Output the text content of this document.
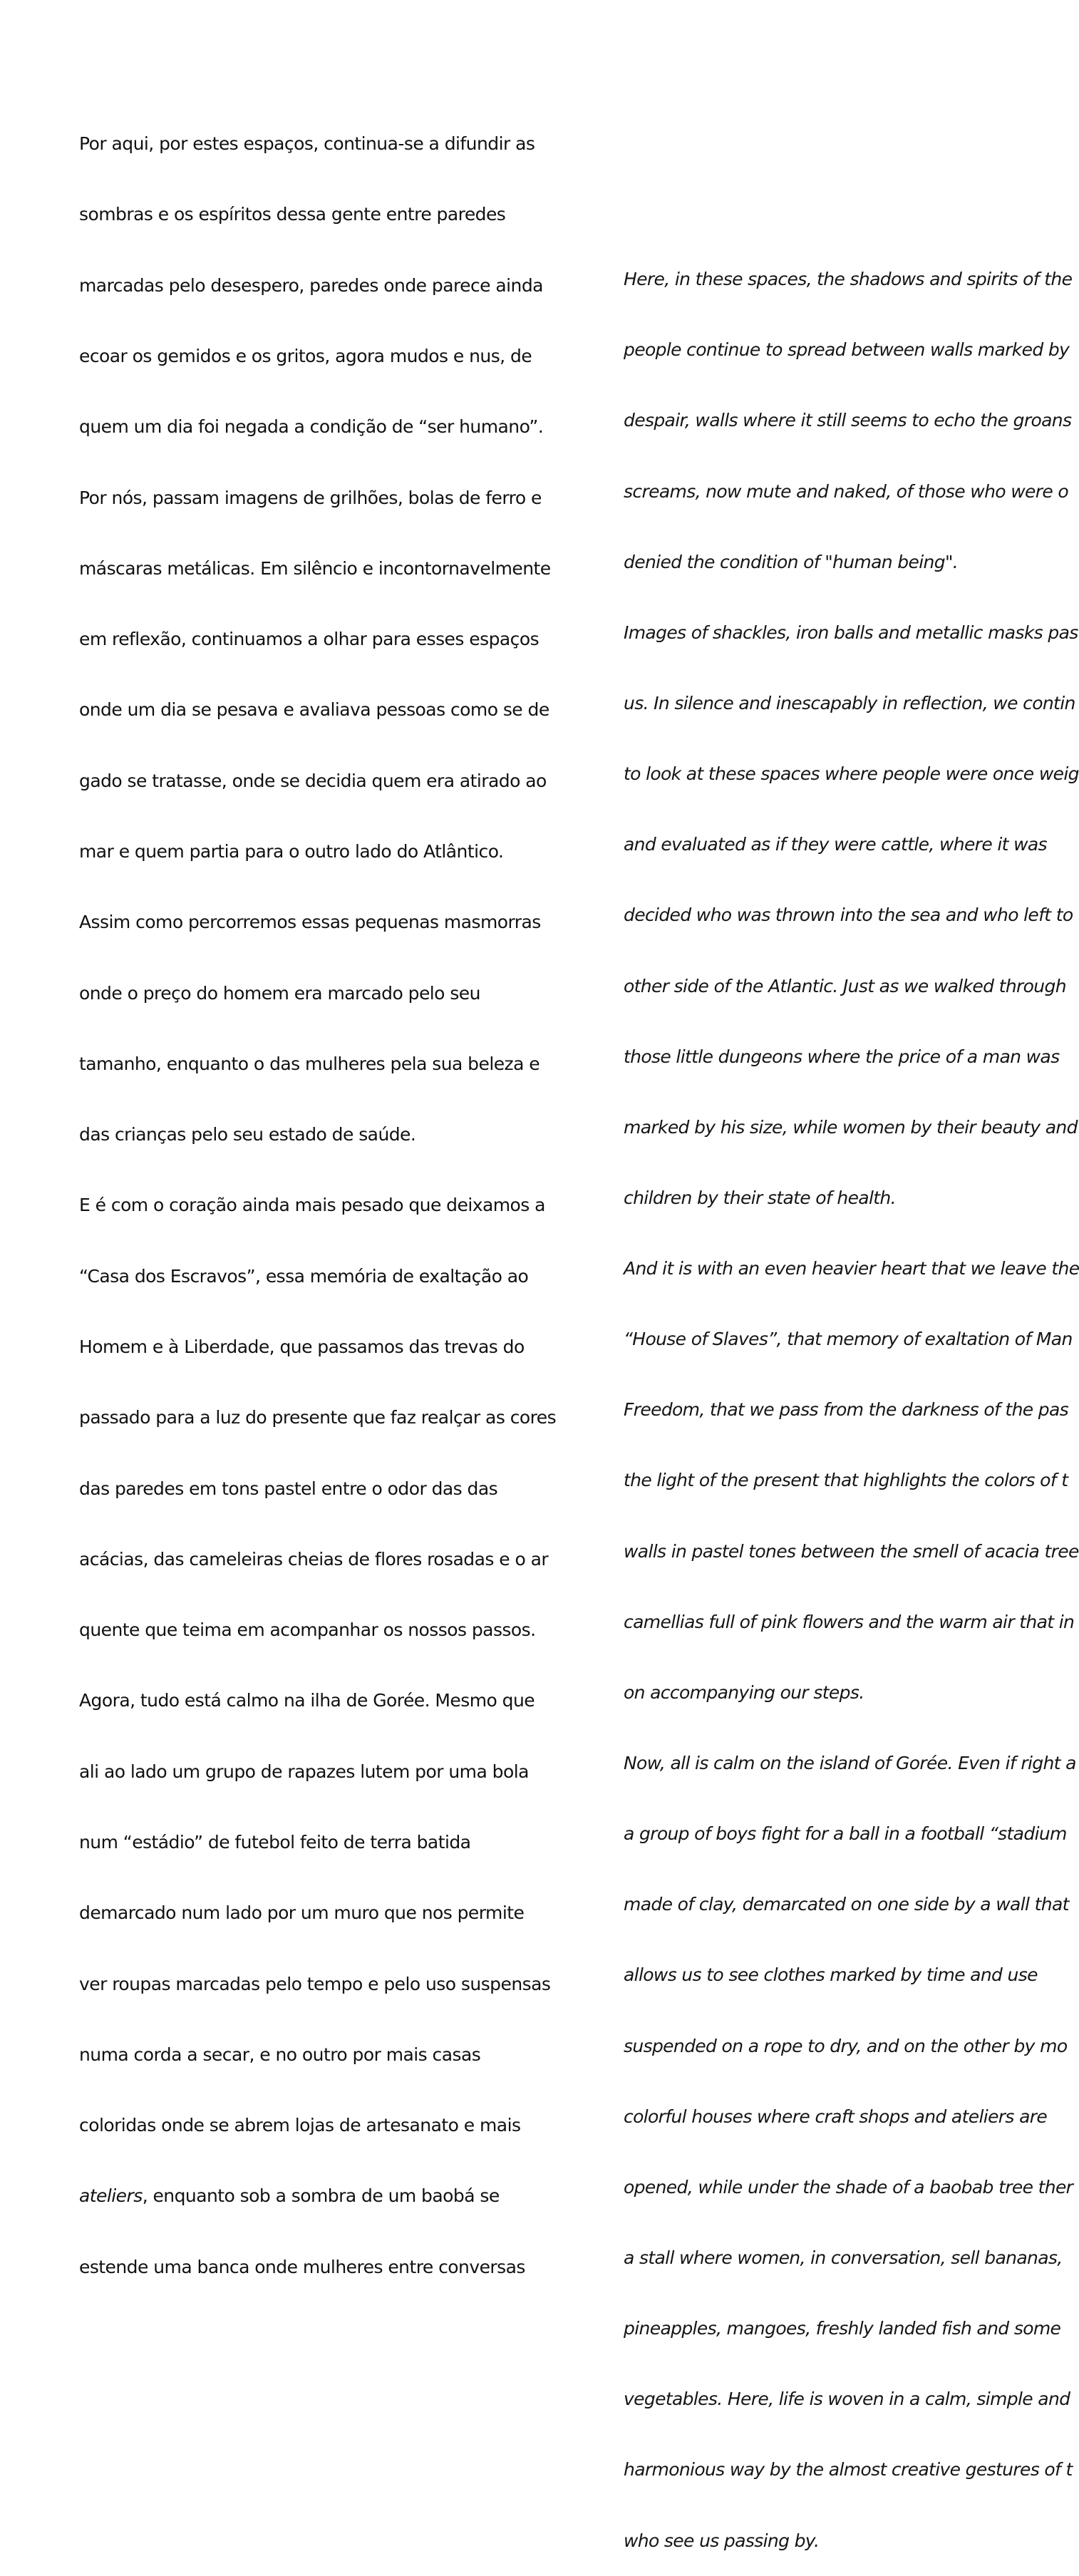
Por aqui, por estes espaços, continua-se a difundir as

sombras e os espíritos dessa gente entre paredes

marcadas pelo desespero, paredes onde parece ainda

ecoar os gemidos e os gritos, agora mudos e nus, de

quem um dia foi negada a condição de “ser humano”.

Por nós, passam imagens de grilhões, bolas de ferro e

máscaras metálicas. Em silêncio e incontornavelmente

em reflexão, continuamos a olhar para esses espaços

onde um dia se pesava e avaliava pessoas como se de

gado se tratasse, onde se decidia quem era atirado ao

mar e quem partia para o outro lado do Atlântico.

Assim como percorremos essas pequenas masmorras

onde o preço do homem era marcado pelo seu

tamanho, enquanto o das mulheres pela sua beleza e

das crianças pelo seu estado de saúde.

E é com o coração ainda mais pesado que deixamos a

“Casa dos Escravos”, essa memória de exaltação ao

Homem e à Liberdade, que passamos das trevas do

passado para a luz do presente que faz realçar as cores

das paredes em tons pastel entre o odor das das

acácias, das cameleiras cheias de flores rosadas e o ar

quente que teima em acompanhar os nossos passos.

Agora, tudo está calmo na ilha de Gorée. Mesmo que

ali ao lado um grupo de rapazes lutem por uma bola

num “estádio” de futebol feito de terra batida

demarcado num lado por um muro que nos permite

ver roupas marcadas pelo tempo e pelo uso suspensas

numa corda a secar, e no outro por mais casas

coloridas onde se abrem lojas de artesanato e mais

ateliers, enquanto sob a sombra de um baobá se

estende uma banca onde mulheres entre conversas

Here, in these spaces, the shadows and spirits of the

people continue to spread between walls marked by

despair, walls where it still seems to echo the groans

screams, now mute and naked, of those who were o

denied the condition of "human being".

Images of shackles, iron balls and metallic masks pas

us. In silence and inescapably in reflection, we contin

to look at these spaces where people were once weig

and evaluated as if they were cattle, where it was

decided who was thrown into the sea and who left to

other side of the Atlantic. Just as we walked through

those little dungeons where the price of a man was

marked by his size, while women by their beauty and

children by their state of health.

And it is with an even heavier heart that we leave the

“House of Slaves”, that memory of exaltation of Man

Freedom, that we pass from the darkness of the pas

the light of the present that highlights the colors of t

walls in pastel tones between the smell of acacia tree

camellias full of pink flowers and the warm air that in

on accompanying our steps.

Now, all is calm on the island of Gorée. Even if right a

a group of boys fight for a ball in a football “stadium

made of clay, demarcated on one side by a wall that

allows us to see clothes marked by time and use

suspended on a rope to dry, and on the other by mo

colorful houses where craft shops and ateliers are

opened, while under the shade of a baobab tree ther

a stall where women, in conversation, sell bananas,

pineapples, mangoes, freshly landed fish and some

vegetables. Here, life is woven in a calm, simple and

harmonious way by the almost creative gestures of t

who see us passing by.
